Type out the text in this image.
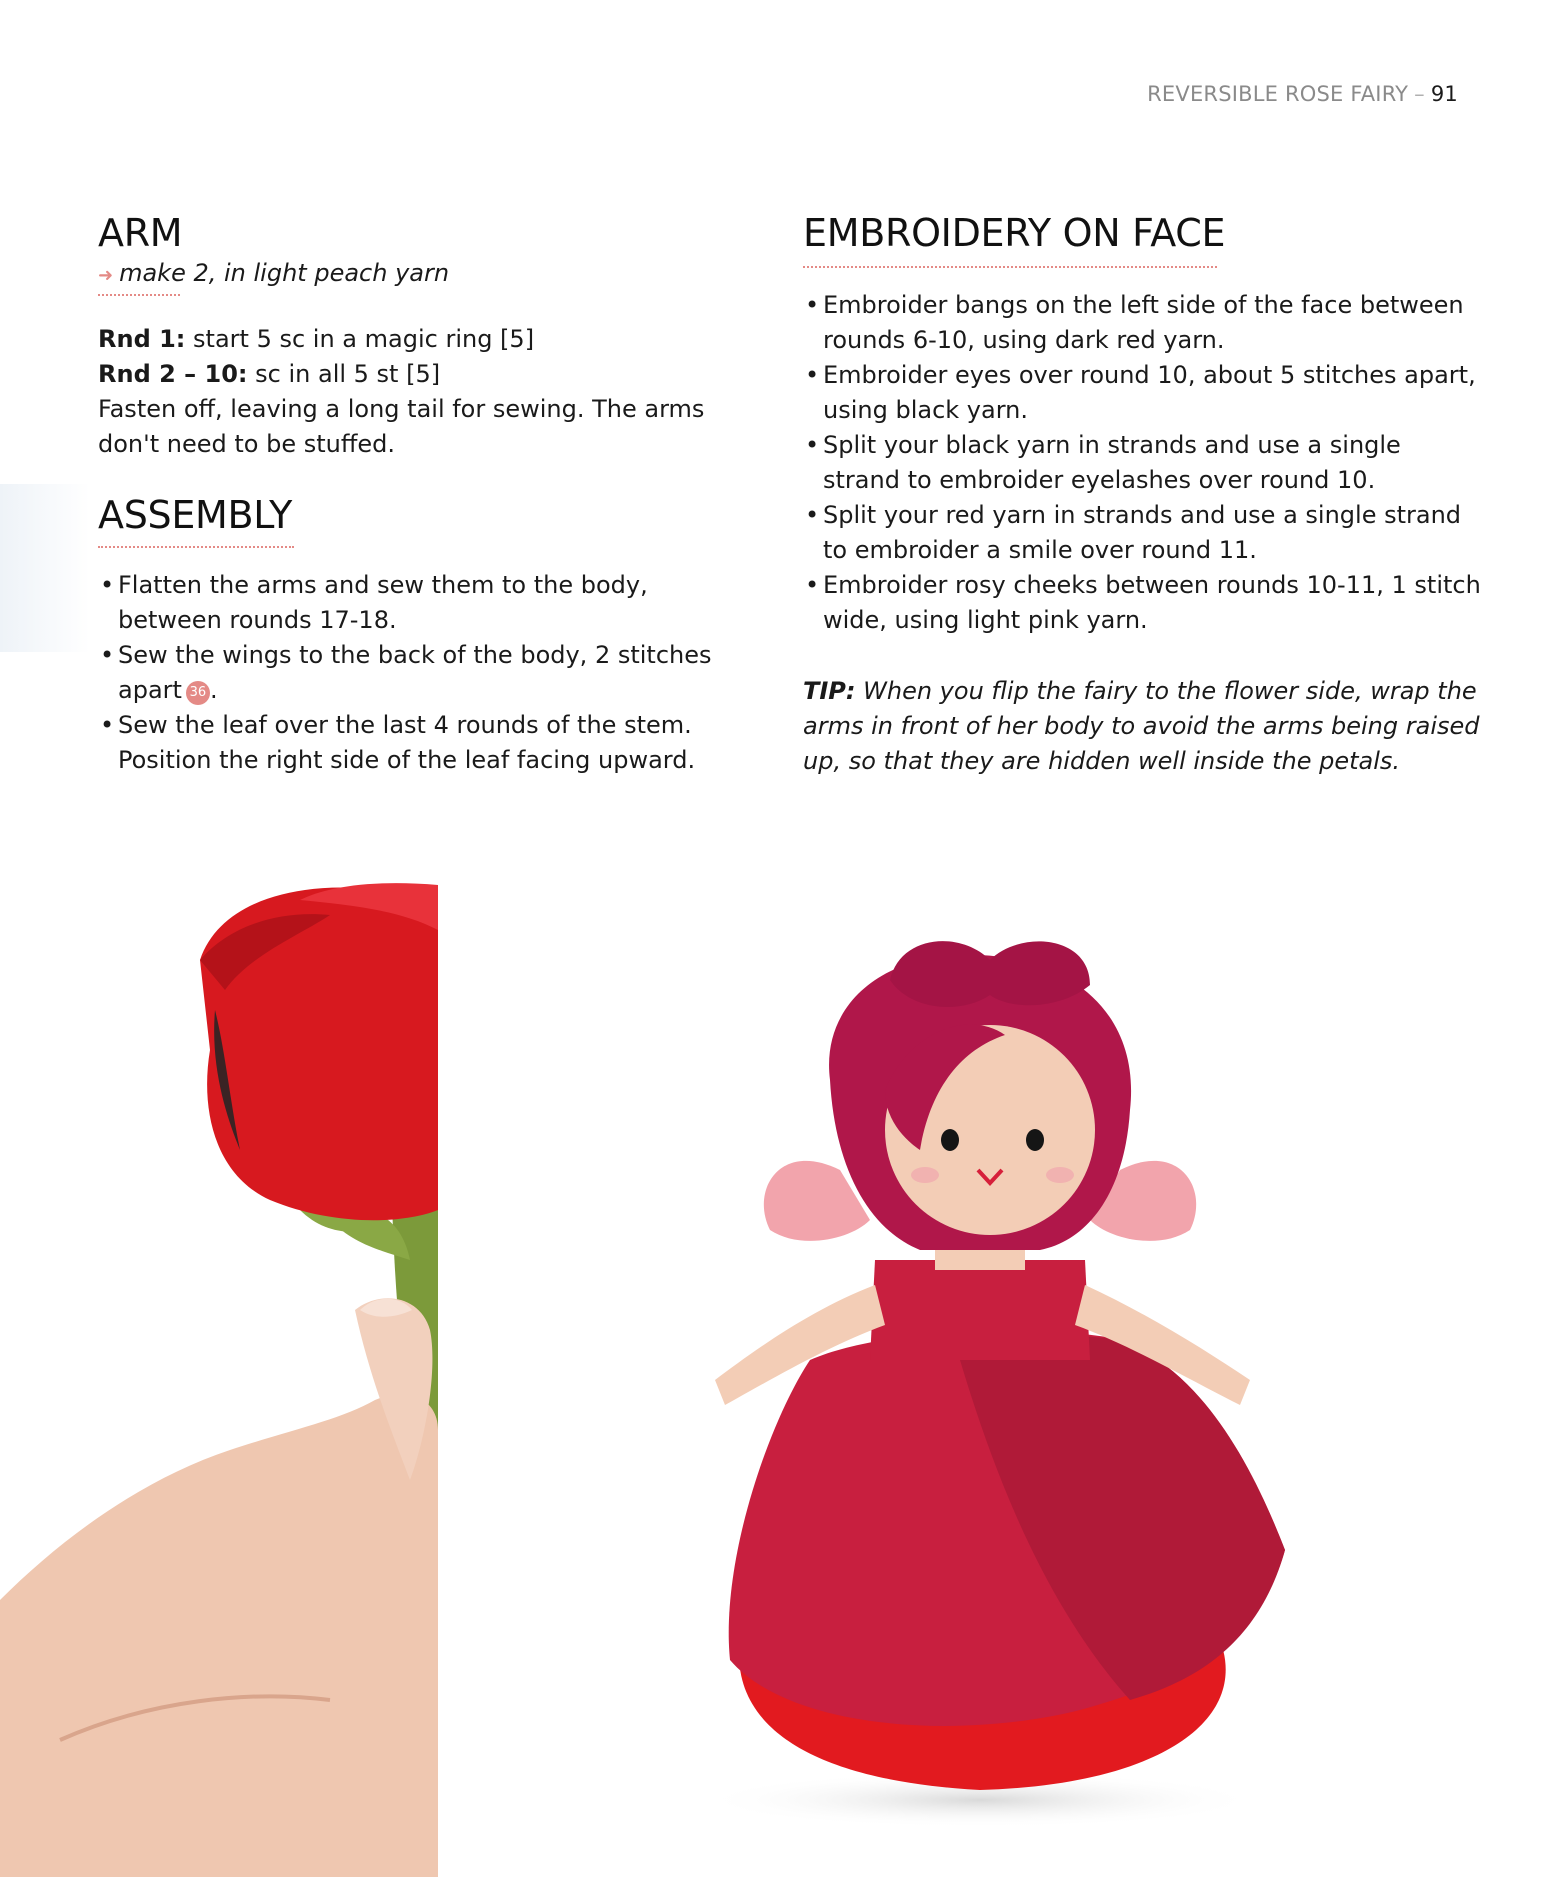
REVERSIBLE ROSE FAIRY – 91
ARM
➜ make 2, in light peach yarn

Rnd 1: start 5 sc in a magic ring [5]

Rnd 2 – 10: sc in all 5 st [5]

Fasten off, leaving a long tail for sewing. The arms don't need to be stuffed.

ASSEMBLY
• Flatten the arms and sew them to the body, between rounds 17-18.
• Sew the wings to the back of the body, 2 stitches apart 36 .
• Sew the leaf over the last 4 rounds of the stem. Position the right side of the leaf facing upward.
EMBROIDERY ON FACE
• Embroider bangs on the left side of the face between rounds 6-10, using dark red yarn.
• Embroider eyes over round 10, about 5 stitches apart, using black yarn.
• Split your black yarn in strands and use a single strand to embroider eyelashes over round 10.
• Split your red yarn in strands and use a single strand to embroider a smile over round 11.
• Embroider rosy cheeks between rounds 10-11, 1 stitch wide, using light pink yarn.

TIP: When you flip the fairy to the flower side, wrap the arms in front of her body to avoid the arms being raised up, so that they are hidden well inside the petals.
